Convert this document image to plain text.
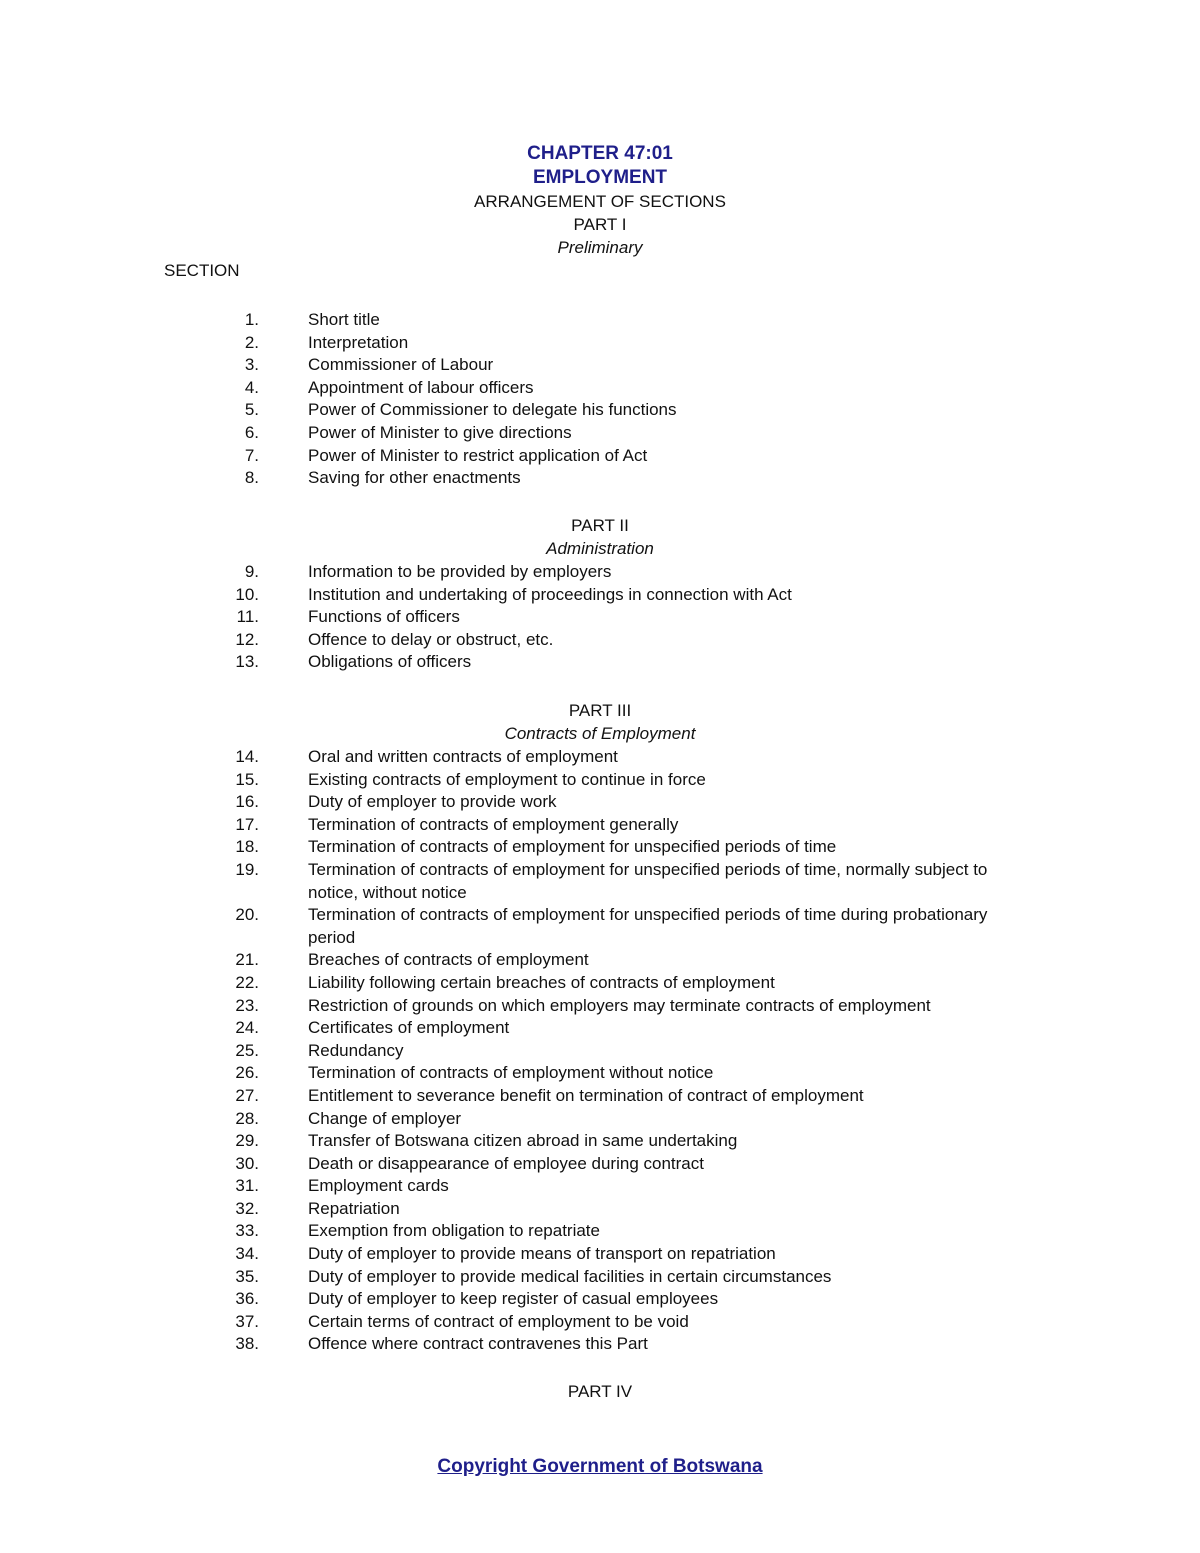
CHAPTER 47:01
EMPLOYMENT
ARRANGEMENT OF SECTIONS
PART I
Preliminary
SECTION
1.	Short title
2.	Interpretation
3.	Commissioner of Labour
4.	Appointment of labour officers
5.	Power of Commissioner to delegate his functions
6.	Power of Minister to give directions
7.	Power of Minister to restrict application of Act
8.	Saving for other enactments
PART II
Administration
9.	Information to be provided by employers
10.	Institution and undertaking of proceedings in connection with Act
11.	Functions of officers
12.	Offence to delay or obstruct, etc.
13.	Obligations of officers
PART III
Contracts of Employment
14.	Oral and written contracts of employment
15.	Existing contracts of employment to continue in force
16.	Duty of employer to provide work
17.	Termination of contracts of employment generally
18.	Termination of contracts of employment for unspecified periods of time
19.	Termination of contracts of employment for unspecified periods of time, normally subject to notice, without notice
20.	Termination of contracts of employment for unspecified periods of time during probationary period
21.	Breaches of contracts of employment
22.	Liability following certain breaches of contracts of employment
23.	Restriction of grounds on which employers may terminate contracts of employment
24.	Certificates of employment
25.	Redundancy
26.	Termination of contracts of employment without notice
27.	Entitlement to severance benefit on termination of contract of employment
28.	Change of employer
29.	Transfer of Botswana citizen abroad in same undertaking
30.	Death or disappearance of employee during contract
31.	Employment cards
32.	Repatriation
33.	Exemption from obligation to repatriate
34.	Duty of employer to provide means of transport on repatriation
35.	Duty of employer to provide medical facilities in certain circumstances
36.	Duty of employer to keep register of casual employees
37.	Certain terms of contract of employment to be void
38.	Offence where contract contravenes this Part
PART IV
Copyright Government of Botswana
